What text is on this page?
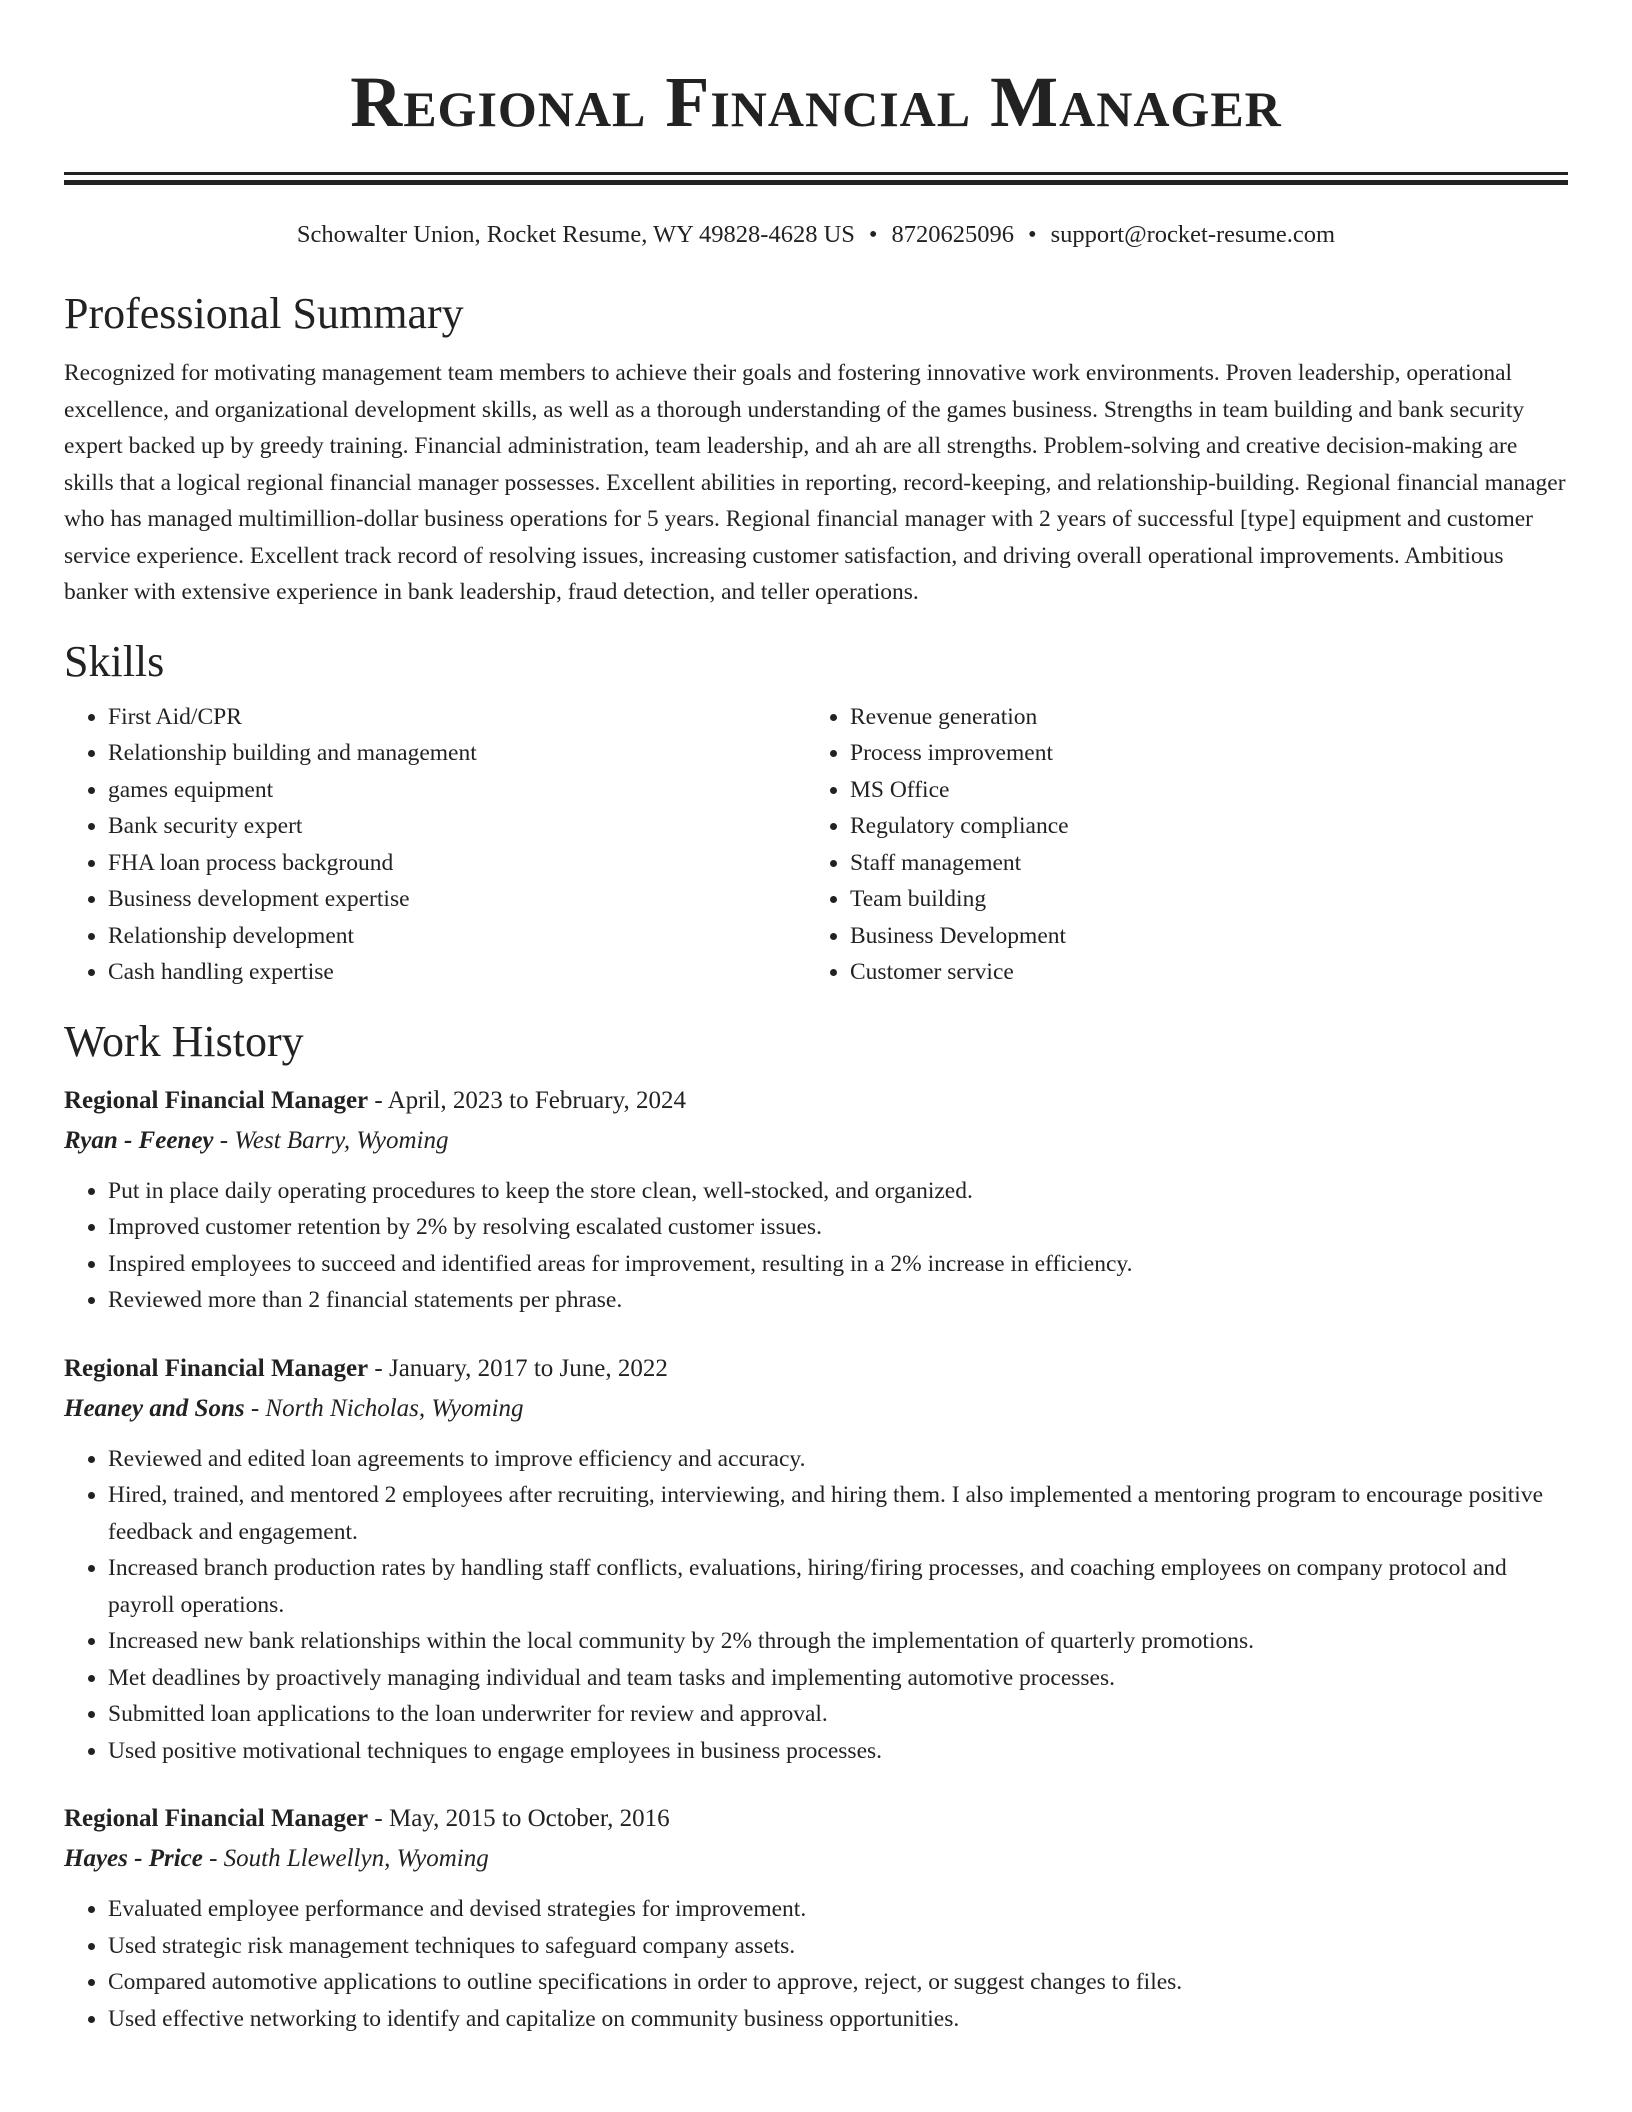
Regional Financial Manager
Schowalter Union, Rocket Resume, WY 49828-4628 US • 8720625096 • support@rocket-resume.com
Professional Summary
Recognized for motivating management team members to achieve their goals and fostering innovative work environments. Proven leadership, operational excellence, and organizational development skills, as well as a thorough understanding of the games business. Strengths in team building and bank security expert backed up by greedy training. Financial administration, team leadership, and ah are all strengths. Problem-solving and creative decision-making are skills that a logical regional financial manager possesses. Excellent abilities in reporting, record-keeping, and relationship-building. Regional financial manager who has managed multimillion-dollar business operations for 5 years. Regional financial manager with 2 years of successful [type] equipment and customer service experience. Excellent track record of resolving issues, increasing customer satisfaction, and driving overall operational improvements. Ambitious banker with extensive experience in bank leadership, fraud detection, and teller operations.
Skills
• First Aid/CPR
• Relationship building and management
• games equipment
• Bank security expert
• FHA loan process background
• Business development expertise
• Relationship development
• Cash handling expertise
• Revenue generation
• Process improvement
• MS Office
• Regulatory compliance
• Staff management
• Team building
• Business Development
• Customer service
Work History
Regional Financial Manager - April, 2023 to February, 2024
Ryan - Feeney - West Barry, Wyoming
• Put in place daily operating procedures to keep the store clean, well-stocked, and organized.
• Improved customer retention by 2% by resolving escalated customer issues.
• Inspired employees to succeed and identified areas for improvement, resulting in a 2% increase in efficiency.
• Reviewed more than 2 financial statements per phrase.
Regional Financial Manager - January, 2017 to June, 2022
Heaney and Sons - North Nicholas, Wyoming
• Reviewed and edited loan agreements to improve efficiency and accuracy.
• Hired, trained, and mentored 2 employees after recruiting, interviewing, and hiring them. I also implemented a mentoring program to encourage positive feedback and engagement.
• Increased branch production rates by handling staff conflicts, evaluations, hiring/firing processes, and coaching employees on company protocol and payroll operations.
• Increased new bank relationships within the local community by 2% through the implementation of quarterly promotions.
• Met deadlines by proactively managing individual and team tasks and implementing automotive processes.
• Submitted loan applications to the loan underwriter for review and approval.
• Used positive motivational techniques to engage employees in business processes.
Regional Financial Manager - May, 2015 to October, 2016
Hayes - Price - South Llewellyn, Wyoming
• Evaluated employee performance and devised strategies for improvement.
• Used strategic risk management techniques to safeguard company assets.
• Compared automotive applications to outline specifications in order to approve, reject, or suggest changes to files.
• Used effective networking to identify and capitalize on community business opportunities.
